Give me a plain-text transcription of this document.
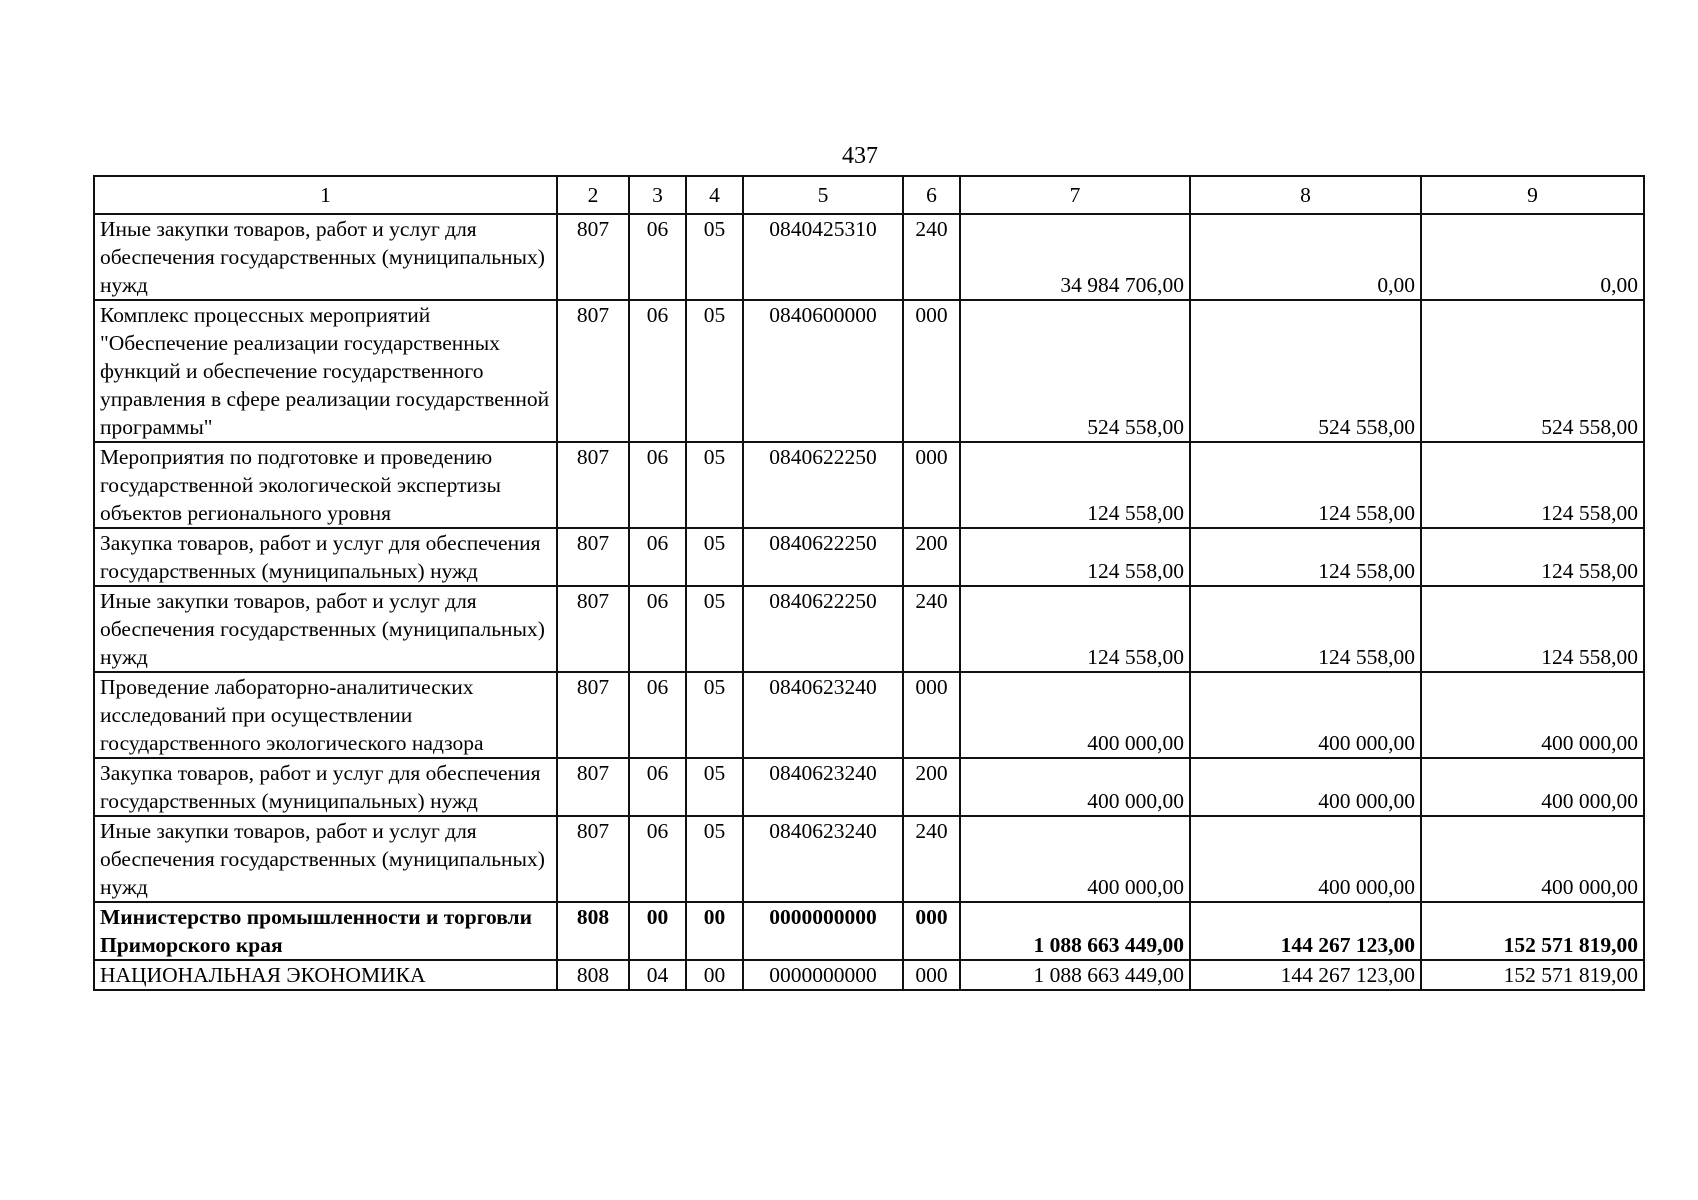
437
1	2	3	4	5	6	7	8	9
Иные закупки товаров, работ и услуг для обеспечения государственных (муниципальных) нужд	807	06	05	0840425310	240	34 984 706,00	0,00	0,00
Комплекс процессных мероприятий "Обеспечение реализации государственных функций и обеспечение государственного управления в сфере реализации государственной программы"	807	06	05	0840600000	000	524 558,00	524 558,00	524 558,00
Мероприятия по подготовке и проведению государственной экологической экспертизы объектов регионального уровня	807	06	05	0840622250	000	124 558,00	124 558,00	124 558,00
Закупка товаров, работ и услуг для обеспечения государственных (муниципальных) нужд	807	06	05	0840622250	200	124 558,00	124 558,00	124 558,00
Иные закупки товаров, работ и услуг для обеспечения государственных (муниципальных) нужд	807	06	05	0840622250	240	124 558,00	124 558,00	124 558,00
Проведение лабораторно-аналитических исследований при осуществлении государственного экологического надзора	807	06	05	0840623240	000	400 000,00	400 000,00	400 000,00
Закупка товаров, работ и услуг для обеспечения государственных (муниципальных) нужд	807	06	05	0840623240	200	400 000,00	400 000,00	400 000,00
Иные закупки товаров, работ и услуг для обеспечения государственных (муниципальных) нужд	807	06	05	0840623240	240	400 000,00	400 000,00	400 000,00
Министерство промышленности и торговли Приморского края	808	00	00	0000000000	000	1 088 663 449,00	144 267 123,00	152 571 819,00
НАЦИОНАЛЬНАЯ ЭКОНОМИКА	808	04	00	0000000000	000	1 088 663 449,00	144 267 123,00	152 571 819,00
